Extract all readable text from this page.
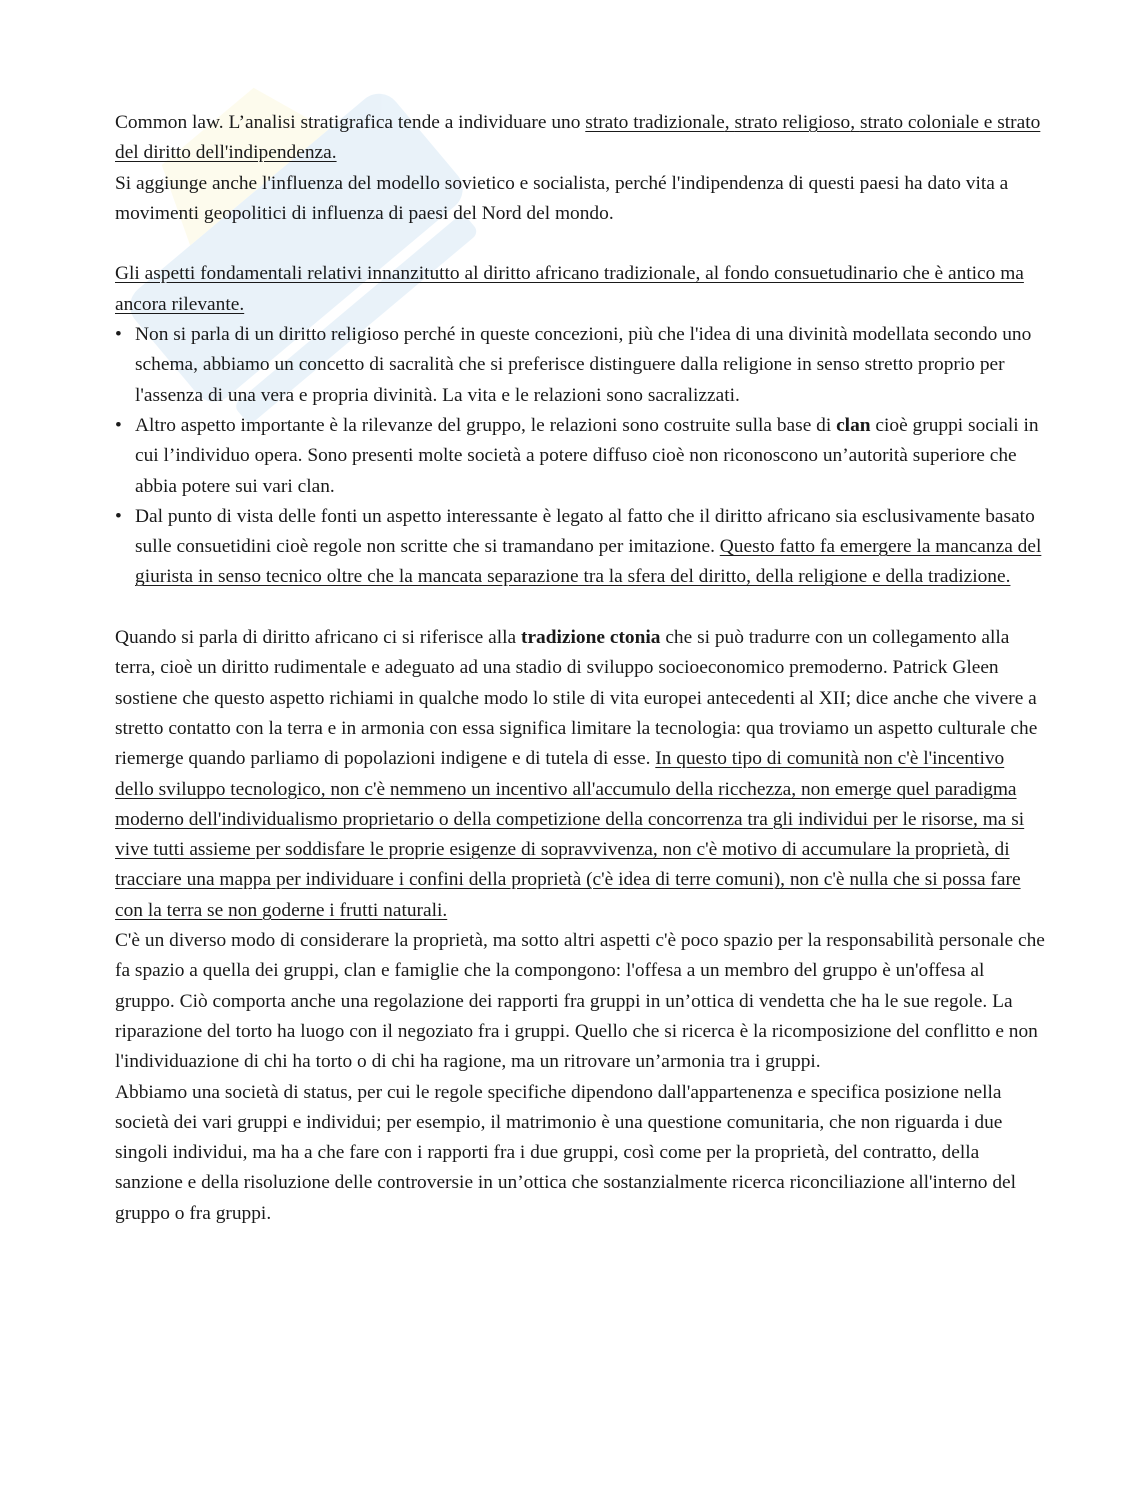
Common law. L’analisi stratigrafica tende a individuare uno strato tradizionale, strato religioso, strato coloniale e strato del diritto dell'indipendenza.

Si aggiunge anche l'influenza del modello sovietico e socialista, perché l'indipendenza di questi paesi ha dato vita a movimenti geopolitici di influenza di paesi del Nord del mondo.

Gli aspetti fondamentali relativi innanzitutto al diritto africano tradizionale, al fondo consuetudinario che è antico ma ancora rilevante.

• Non si parla di un diritto religioso perché in queste concezioni, più che l'idea di una divinità modellata secondo uno schema, abbiamo un concetto di sacralità che si preferisce distinguere dalla religione in senso stretto proprio per l'assenza di una vera e propria divinità. La vita e le relazioni sono sacralizzati.
• Altro aspetto importante è la rilevanze del gruppo, le relazioni sono costruite sulla base di clan cioè gruppi sociali in cui l’individuo opera. Sono presenti molte società a potere diffuso cioè non riconoscono un’autorità superiore che abbia potere sui vari clan.
• Dal punto di vista delle fonti un aspetto interessante è legato al fatto che il diritto africano sia esclusivamente basato sulle consuetidini cioè regole non scritte che si tramandano per imitazione. Questo fatto fa emergere la mancanza del giurista in senso tecnico oltre che la mancata separazione tra la sfera del diritto, della religione e della tradizione.

Quando si parla di diritto africano ci si riferisce alla tradizione ctonia che si può tradurre con un collegamento alla terra, cioè un diritto rudimentale e adeguato ad una stadio di sviluppo socioeconomico premoderno. Patrick Gleen sostiene che questo aspetto richiami in qualche modo lo stile di vita europei antecedenti al XII; dice anche che vivere a stretto contatto con la terra e in armonia con essa significa limitare la tecnologia: qua troviamo un aspetto culturale che riemerge quando parliamo di popolazioni indigene e di tutela di esse. In questo tipo di comunità non c'è l'incentivo dello sviluppo tecnologico, non c'è nemmeno un incentivo all'accumulo della ricchezza, non emerge quel paradigma moderno dell'individualismo proprietario o della competizione della concorrenza tra gli individui per le risorse, ma si vive tutti assieme per soddisfare le proprie esigenze di sopravvivenza, non c'è motivo di accumulare la proprietà, di tracciare una mappa per individuare i confini della proprietà (c'è idea di terre comuni), non c'è nulla che si possa fare con la terra se non goderne i frutti naturali.

C'è un diverso modo di considerare la proprietà, ma sotto altri aspetti c'è poco spazio per la responsabilità personale che fa spazio a quella dei gruppi, clan e famiglie che la compongono: l'offesa a un membro del gruppo è un'offesa al gruppo. Ciò comporta anche una regolazione dei rapporti fra gruppi in un’ottica di vendetta che ha le sue regole. La riparazione del torto ha luogo con il negoziato fra i gruppi. Quello che si ricerca è la ricomposizione del conflitto e non l'individuazione di chi ha torto o di chi ha ragione, ma un ritrovare un’armonia tra i gruppi.

Abbiamo una società di status, per cui le regole specifiche dipendono dall'appartenenza e specifica posizione nella società dei vari gruppi e individui; per esempio, il matrimonio è una questione comunitaria, che non riguarda i due singoli individui, ma ha a che fare con i rapporti fra i due gruppi, così come per la proprietà, del contratto, della sanzione e della risoluzione delle controversie in un’ottica che sostanzialmente ricerca riconciliazione all'interno del gruppo o fra gruppi.
